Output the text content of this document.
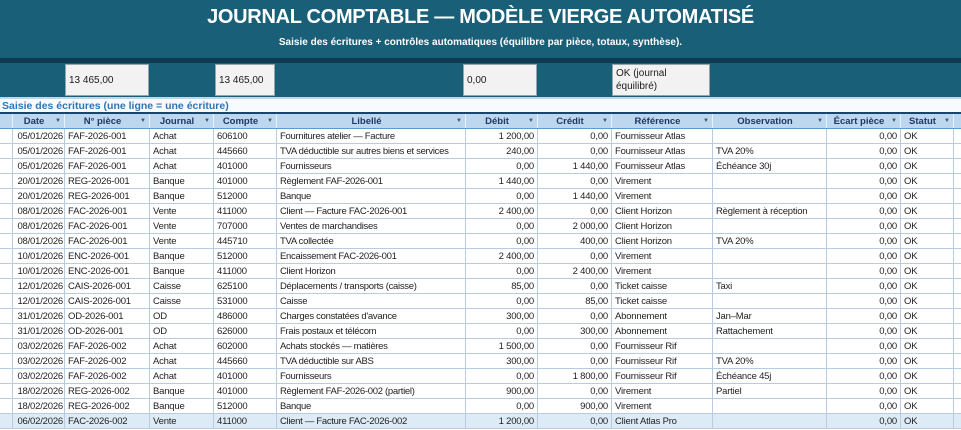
JOURNAL COMPTABLE — MODÈLE VIERGE AUTOMATISÉ
Saisie des écritures + contrôles automatiques (équilibre par pièce, totaux, synthèse).
13 465,00	13 465,00	0,00
OK (journal équilibré)
Saisie des écritures (une ligne = une écriture)
Date ▼ N° pièce	▼ Journal ▼ Compte ▼	Libellé	▼ Débit	▼ Crédit	▼	Référence	▼	Observation	▼ Écart pièce ▼ Statut ▼
05/01/2026 FAF-2026-001	Achat	606100	Fournitures atelier — Facture	1 200,00	0,00 Fournisseur Atlas	0,00 OK
05/01/2026 FAF-2026-001	Achat	445660	TVA déductible sur autres biens et services	240,00	0,00 Fournisseur Atlas	TVA 20%	0,00 OK
05/01/2026 FAF-2026-001	Achat	401000	Fournisseurs	0,00	1 440,00 Fournisseur Atlas	Échéance 30j	0,00 OK
20/01/2026 REG-2026-001	Banque	401000	Règlement FAF-2026-001	1 440,00	0,00 Virement	0,00 OK
20/01/2026 REG-2026-001	Banque	512000	Banque	0,00	1 440,00 Virement	0,00 OK
08/01/2026 FAC-2026-001	Vente	411000	Client — Facture FAC-2026-001	2 400,00	0,00 Client Horizon	Règlement à réception	0,00 OK
08/01/2026 FAC-2026-001	Vente	707000	Ventes de marchandises	0,00	2 000,00 Client Horizon	0,00 OK
08/01/2026 FAC-2026-001	Vente	445710	TVA collectée	0,00	400,00 Client Horizon	TVA 20%	0,00 OK
10/01/2026 ENC-2026-001	Banque	512000	Encaissement FAC-2026-001	2 400,00	0,00 Virement	0,00 OK
10/01/2026 ENC-2026-001	Banque	411000	Client Horizon	0,00	2 400,00 Virement	0,00 OK
12/01/2026 CAIS-2026-001	Caisse	625100	Déplacements / transports (caisse)	85,00	0,00 Ticket caisse	Taxi	0,00 OK
12/01/2026 CAIS-2026-001	Caisse	531000	Caisse	0,00	85,00 Ticket caisse	0,00 OK
31/01/2026 OD-2026-001	OD	486000	Charges constatées d'avance	300,00	0,00 Abonnement	Jan–Mar	0,00 OK
31/01/2026 OD-2026-001	OD	626000	Frais postaux et télécom	0,00	300,00 Abonnement	Rattachement	0,00 OK
03/02/2026 FAF-2026-002	Achat	602000	Achats stockés — matières	1 500,00	0,00 Fournisseur Rif	0,00 OK
03/02/2026 FAF-2026-002	Achat	445660	TVA déductible sur ABS	300,00	0,00 Fournisseur Rif	TVA 20%	0,00 OK
03/02/2026 FAF-2026-002	Achat	401000	Fournisseurs	0,00	1 800,00 Fournisseur Rif	Échéance 45j	0,00 OK
18/02/2026 REG-2026-002	Banque	401000	Règlement FAF-2026-002 (partiel)	900,00	0,00 Virement	Partiel	0,00 OK
18/02/2026 REG-2026-002	Banque	512000	Banque	0,00	900,00 Virement	0,00 OK
06/02/2026 FAC-2026-002	Vente	411000	Client — Facture FAC-2026-002	1 200,00	0,00 Client Atlas Pro	0,00 OK
